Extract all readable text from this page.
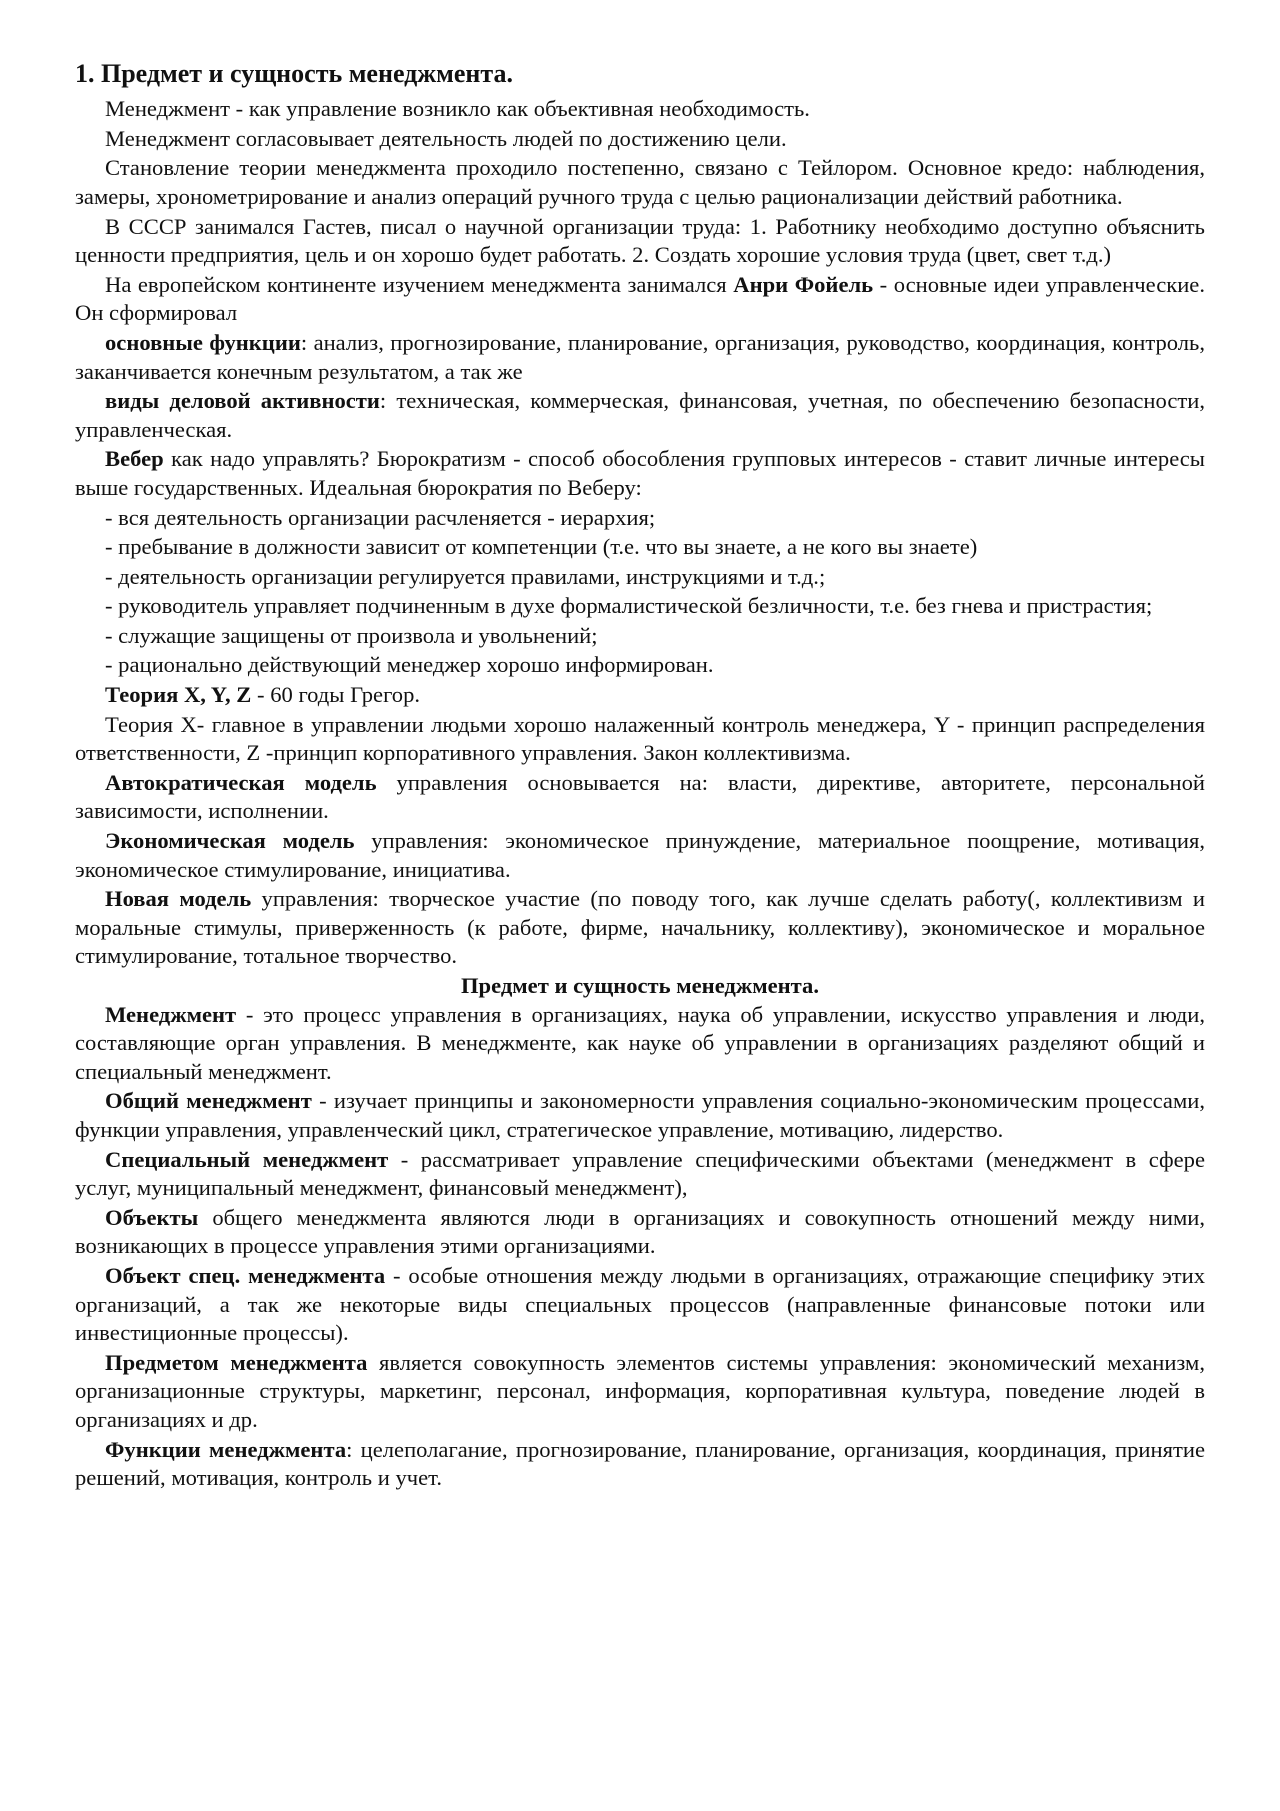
1. Предмет и сущность менеджмента.

Менеджмент - как управление возникло как объективная необходимость.

Менеджмент согласовывает деятельность людей по достижению цели.

Становление теории менеджмента проходило постепенно, связано с Тейлором. Основное кредо: наблюдения, замеры, хронометрирование и анализ операций ручного труда с целью рационализации действий работника.

В СССР занимался Гастев, писал о научной организации труда: 1. Работнику необходимо доступно объяснить ценности предприятия, цель и он хорошо будет работать. 2. Создать хорошие условия труда (цвет, свет т.д.)

На европейском континенте изучением менеджмента занимался Анри Фойель - основные идеи управленческие. Он сформировал

основные функции: анализ, прогнозирование, планирование, организация, руководство, координация, контроль, заканчивается конечным результатом, а так же

виды деловой активности: техническая, коммерческая, финансовая, учетная, по обеспечению безопасности, управленческая.

Вебер как надо управлять? Бюрократизм - способ обособления групповых интересов - ставит личные интересы выше государственных. Идеальная бюрократия по Веберу:

- вся деятельность организации расчленяется - иерархия;

- пребывание в должности зависит от компетенции (т.е. что вы знаете, а не кого вы знаете)

- деятельность организации регулируется правилами, инструкциями и т.д.;

- руководитель управляет подчиненным в духе формалистической безличности, т.е. без гнева и пристрастия;

- служащие защищены от произвола и увольнений;

- рационально действующий менеджер хорошо информирован.

Теория X, Y, Z - 60 годы Грегор.

Теория Х- главное в управлении людьми хорошо налаженный контроль менеджера, Y - принцип распределения ответственности, Z -принцип корпоративного управления. Закон коллективизма.

Автократическая модель управления основывается на: власти, директиве, авторитете, персональной зависимости, исполнении.

Экономическая модель управления: экономическое принуждение, материальное поощрение, мотивация, экономическое стимулирование, инициатива.

Новая модель управления: творческое участие (по поводу того, как лучше сделать работу(, коллективизм и моральные стимулы, приверженность (к работе, фирме, начальнику, коллективу), экономическое и моральное стимулирование, тотальное творчество.

Предмет и сущность менеджмента.

Менеджмент - это процесс управления в организациях, наука об управлении, искусство управления и люди, составляющие орган управления. В менеджменте, как науке об управлении в организациях разделяют общий и специальный менеджмент.

Общий менеджмент - изучает принципы и закономерности управления социально-экономическим процессами, функции управления, управленческий цикл, стратегическое управление, мотивацию, лидерство.

Специальный менеджмент - рассматривает управление специфическими объектами (менеджмент в сфере услуг, муниципальный менеджмент, финансовый менеджмент),

Объекты общего менеджмента являются люди в организациях и совокупность отношений между ними, возникающих в процессе управления этими организациями.

Объект спец. менеджмента - особые отношения между людьми в организациях, отражающие специфику этих организаций, а так же некоторые виды специальных процессов (направленные финансовые потоки или инвестиционные процессы).

Предметом менеджмента является совокупность элементов системы управления: экономический механизм, организационные структуры, маркетинг, персонал, информация, корпоративная культура, поведение людей в организациях и др.

Функции менеджмента: целеполагание, прогнозирование, планирование, организация, координация, принятие решений, мотивация, контроль и учет.
